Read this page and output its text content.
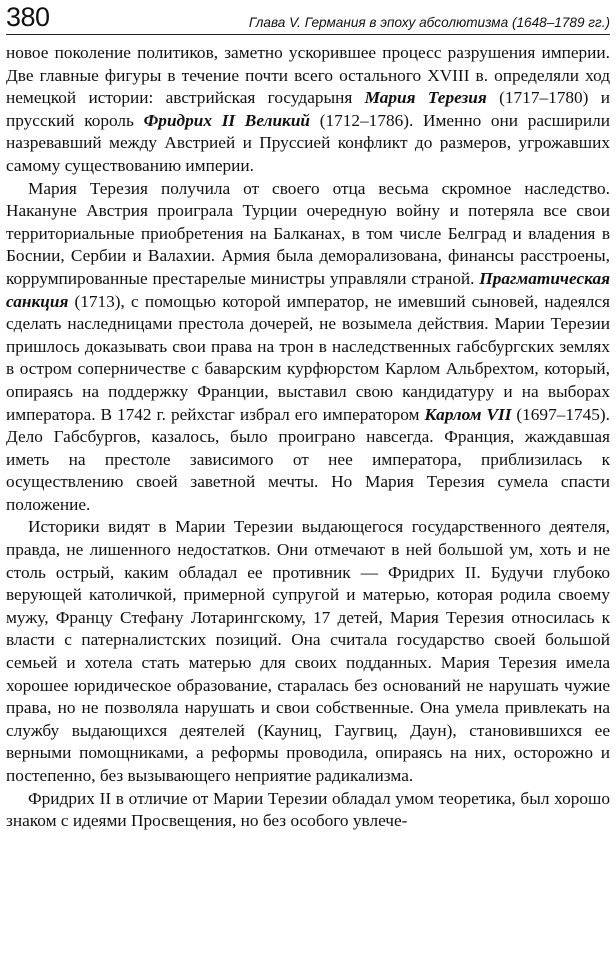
380	Глава V. Германия в эпоху абсолютизма (1648–1789 гг.)

новое поколение политиков, заметно ускорившее процесс разрушения империи. Две главные фигуры в течение почти всего остального XVIII в. определяли ход немецкой истории: австрийская государыня Мария Терезия (1717–1780) и прусский король Фридрих II Великий (1712–1786). Именно они расширили назревавший между Австрией и Пруссией конфликт до размеров, угрожавших самому существованию империи.

Мария Терезия получила от своего отца весьма скромное наследство. Накануне Австрия проиграла Турции очередную войну и потеряла все свои территориальные приобретения на Балканах, в том числе Белград и владения в Боснии, Сербии и Валахии. Армия была деморализована, финансы расстроены, коррумпированные престарелые министры управляли страной. Прагматическая санкция (1713), с помощью которой император, не имевший сыновей, надеялся сделать наследницами престола дочерей, не возымела действия. Марии Терезии пришлось доказывать свои права на трон в наследственных габсбургских землях в остром соперничестве с баварским курфюрстом Карлом Альбрехтом, который, опираясь на поддержку Франции, выставил свою кандидатуру и на выборах императора. В 1742 г. рейхстаг избрал его императором Карлом VII (1697–1745). Дело Габсбургов, казалось, было проиграно навсегда. Франция, жаждавшая иметь на престоле зависимого от нее императора, приблизилась к осуществлению своей заветной мечты. Но Мария Терезия сумела спасти положение.

Историки видят в Марии Терезии выдающегося государственного деятеля, правда, не лишенного недостатков. Они отмечают в ней большой ум, хоть и не столь острый, каким обладал ее противник — Фридрих II. Будучи глубоко верующей католичкой, примерной супругой и матерью, которая родила своему мужу, Францу Стефану Лотарингскому, 17 детей, Мария Терезия относилась к власти с патерналистских позиций. Она считала государство своей большой семьей и хотела стать матерью для своих подданных. Мария Терезия имела хорошее юридическое образование, старалась без оснований не нарушать чужие права, но не позволяла нарушать и свои собственные. Она умела привлекать на службу выдающихся деятелей (Кауниц, Гаугвиц, Даун), становившихся ее верными помощниками, а реформы проводила, опираясь на них, осторожно и постепенно, без вызывающего неприятие радикализма.

Фридрих II в отличие от Марии Терезии обладал умом теоретика, был хорошо знаком с идеями Просвещения, но без особого увлече-
